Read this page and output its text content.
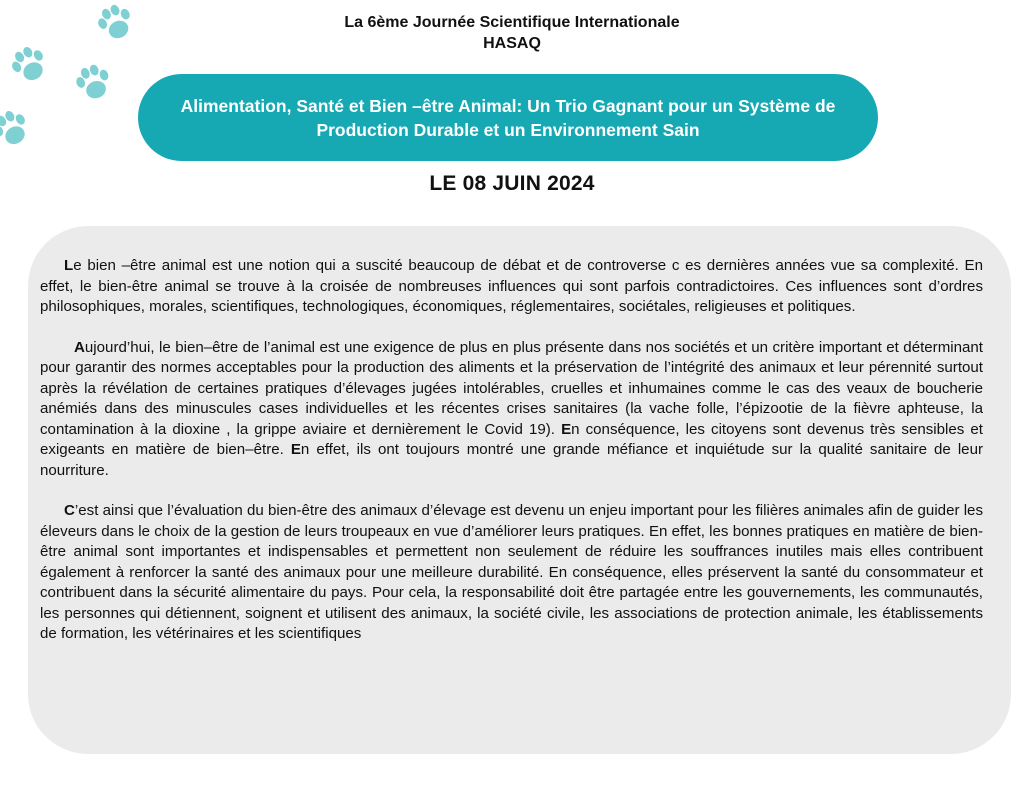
La 6ème Journée Scientifique Internationale
HASAQ
Alimentation, Santé et Bien –être Animal: Un Trio Gagnant pour un Système de Production Durable et un Environnement Sain
LE 08 JUIN 2024

Le bien –être animal est une notion qui a suscité beaucoup de débat et de controverse c es dernières années vue sa complexité. En effet, le bien-être animal se trouve à la croisée de nombreuses influences qui sont parfois contradictoires. Ces influences sont d’ordres philosophiques, morales, scientifiques, technologiques, économiques, réglementaires, sociétales, religieuses et politiques.

Aujourd’hui, le bien–être de l’animal est une exigence de plus en plus présente dans nos sociétés et un critère important et déterminant pour garantir des normes acceptables pour la production des aliments et la préservation de l’intégrité des animaux et leur pérennité surtout après la révélation de certaines pratiques d’élevages jugées intolérables, cruelles et inhumaines comme le cas des veaux de boucherie anémiés dans des minuscules cases individuelles et les récentes crises sanitaires (la vache folle, l’épizootie de la fièvre aphteuse, la contamination à la dioxine , la grippe aviaire et dernièrement le Covid 19). En conséquence, les citoyens sont devenus très sensibles et exigeants en matière de bien–être. En effet, ils ont toujours montré une grande méfiance et inquiétude sur la qualité sanitaire de leur nourriture.

C’est ainsi que l’évaluation du bien-être des animaux d’élevage est devenu un enjeu important pour les filières animales afin de guider les éleveurs dans le choix de la gestion de leurs troupeaux en vue d’améliorer leurs pratiques. En effet, les bonnes pratiques en matière de bien-être animal sont importantes et indispensables et permettent non seulement de réduire les souffrances inutiles mais elles contribuent également à renforcer la santé des animaux pour une meilleure durabilité. En conséquence, elles préservent la santé du consommateur et contribuent dans la sécurité alimentaire du pays. Pour cela, la responsabilité doit être partagée entre les gouvernements, les communautés, les personnes qui détiennent, soignent et utilisent des animaux, la société civile, les associations de protection animale, les établissements de formation, les vétérinaires et les scientifiques
